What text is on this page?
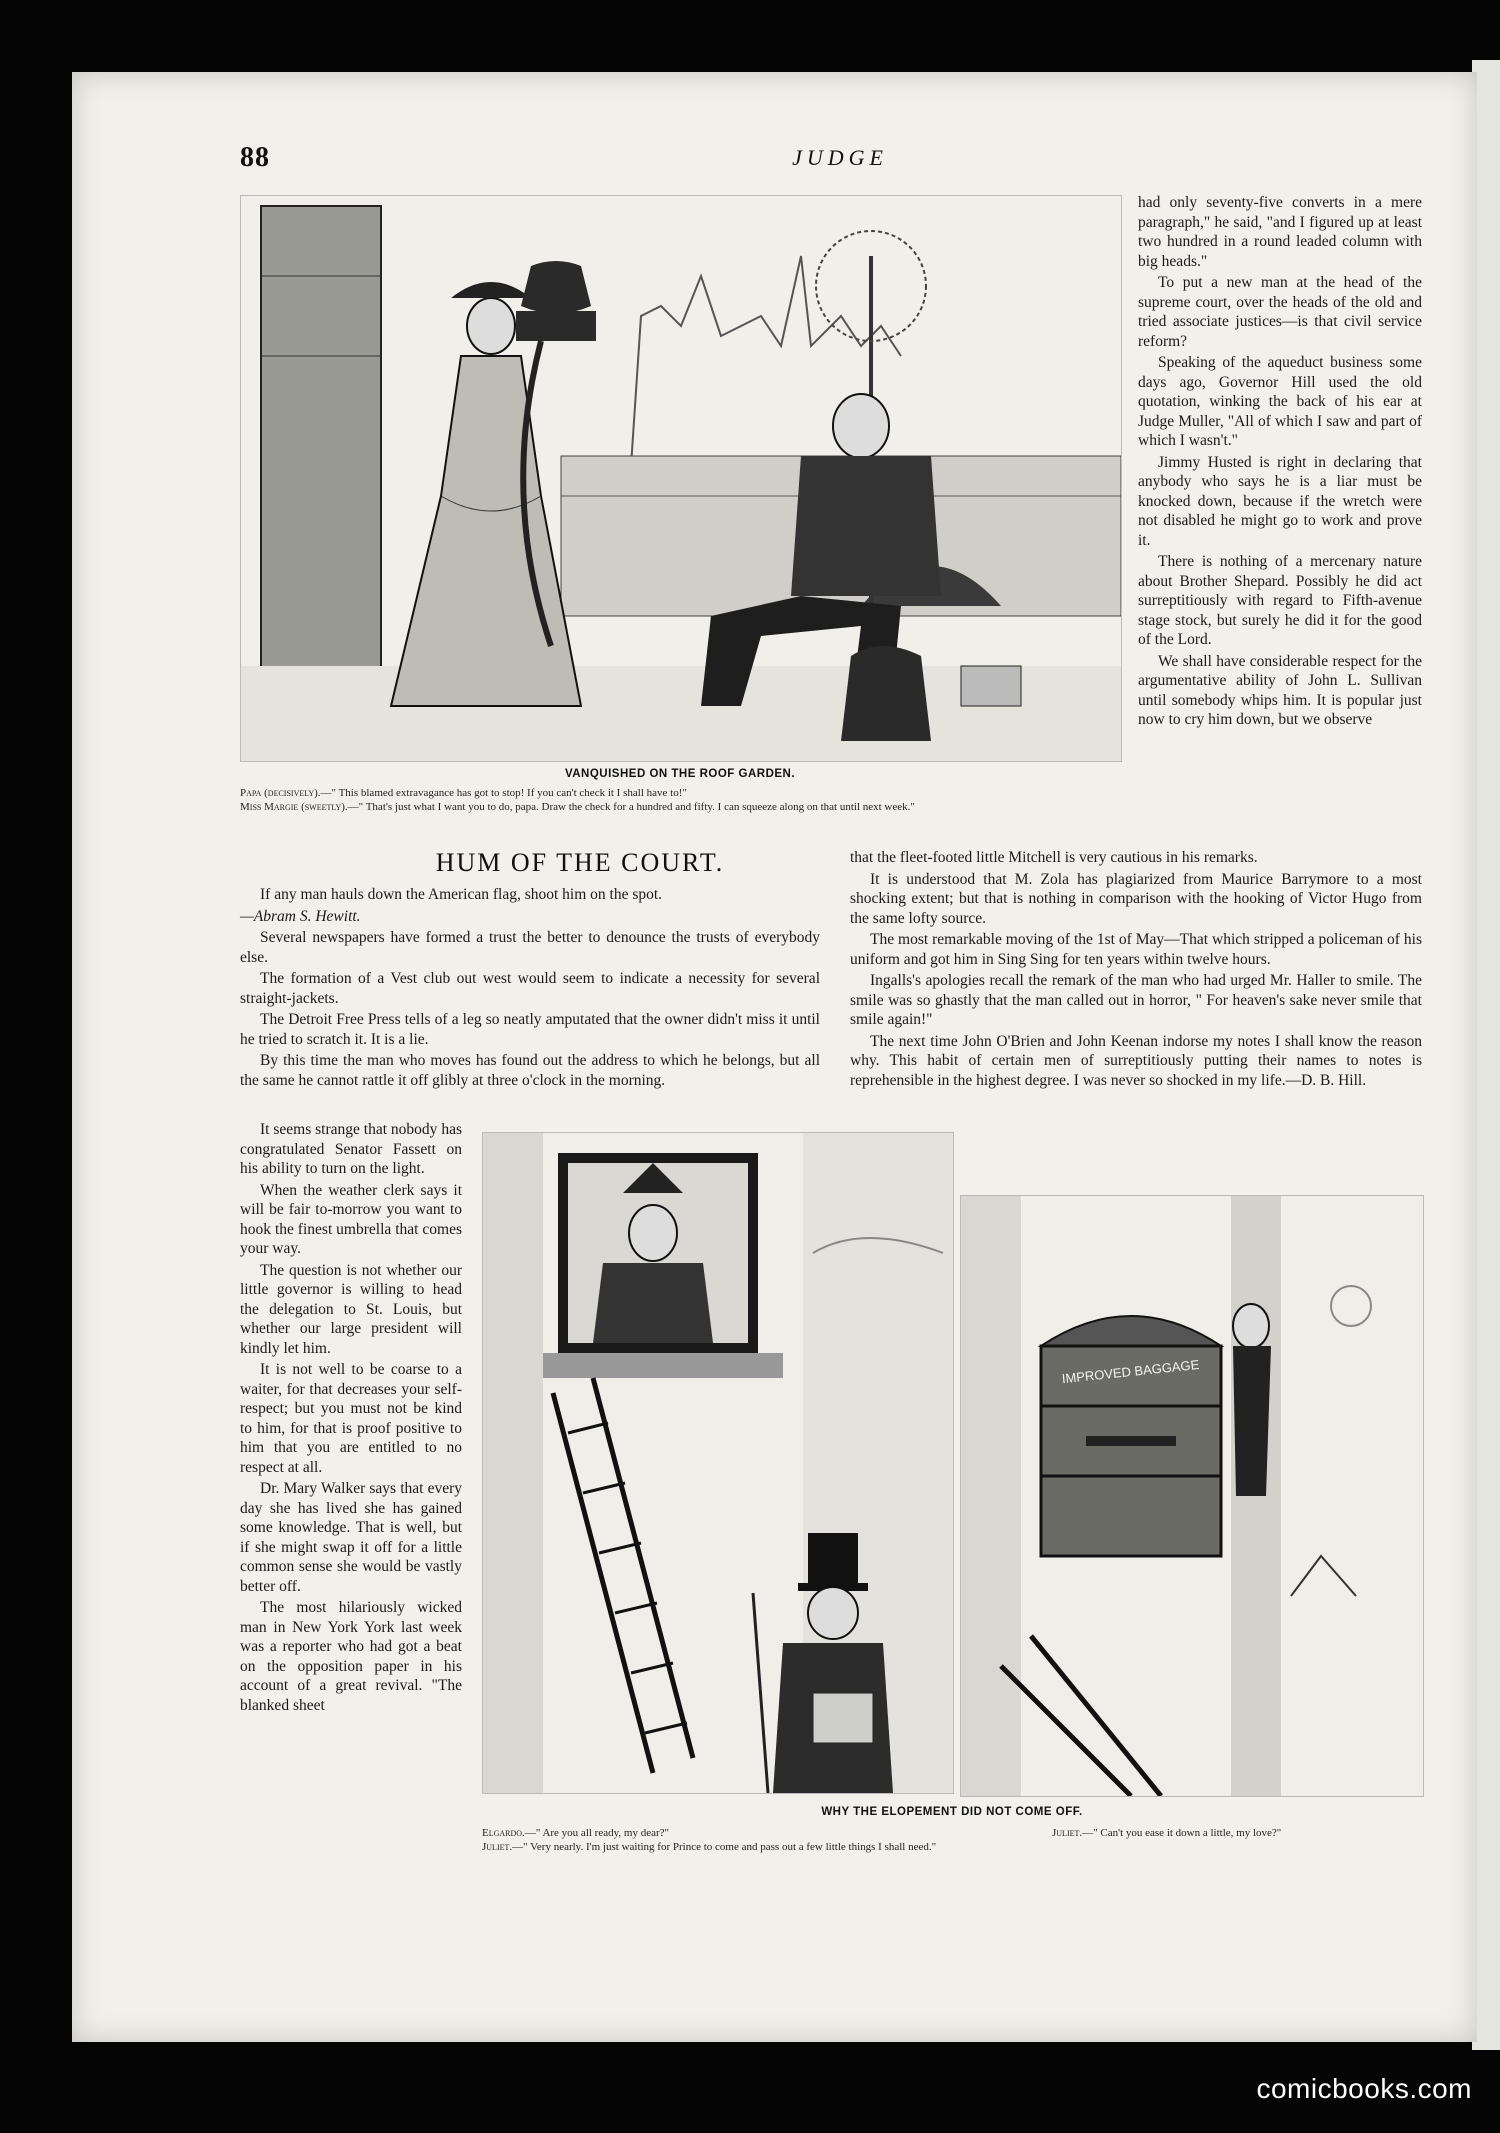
88	JUDGE
VANQUISHED ON THE ROOF GARDEN.
Papa (decisively).—" This blamed extravagance has got to stop! If you can't check it I shall have to!"
Miss Margie (sweetly).—" That's just what I want you to do, papa. Draw the check for a hundred and fifty. I can squeeze along on that until next week."

had only seventy-five converts in a mere paragraph," he said, "and I figured up at least two hundred in a round leaded column with big heads."

To put a new man at the head of the supreme court, over the heads of the old and tried associate justices—is that civil service reform?

Speaking of the aqueduct business some days ago, Governor Hill used the old quotation, winking the back of his ear at Judge Muller, "All of which I saw and part of which I wasn't."

Jimmy Husted is right in declaring that anybody who says he is a liar must be knocked down, because if the wretch were not disabled he might go to work and prove it.

There is nothing of a mercenary nature about Brother Shepard. Possibly he did act surreptitiously with regard to Fifth-avenue stage stock, but surely he did it for the good of the Lord.

We shall have considerable respect for the argumentative ability of John L. Sullivan until somebody whips him. It is popular just now to cry him down, but we observe

HUM OF THE COURT.

If any man hauls down the American flag, shoot him on the spot.

—Abram S. Hewitt.

Several newspapers have formed a trust the better to denounce the trusts of everybody else.

The formation of a Vest club out west would seem to indicate a necessity for several straight-jackets.

The Detroit Free Press tells of a leg so neatly amputated that the owner didn't miss it until he tried to scratch it. It is a lie.

By this time the man who moves has found out the address to which he belongs, but all the same he cannot rattle it off glibly at three o'clock in the morning.

that the fleet-footed little Mitchell is very cautious in his remarks.

It is understood that M. Zola has plagiarized from Maurice Barrymore to a most shocking extent; but that is nothing in comparison with the hooking of Victor Hugo from the same lofty source.

The most remarkable moving of the 1st of May—That which stripped a policeman of his uniform and got him in Sing Sing for ten years within twelve hours.

Ingalls's apologies recall the remark of the man who had urged Mr. Haller to smile. The smile was so ghastly that the man called out in horror, " For heaven's sake never smile that smile again!"

The next time John O'Brien and John Keenan indorse my notes I shall know the reason why. This habit of certain men of surreptitiously putting their names to notes is reprehensible in the highest degree. I was never so shocked in my life.—D. B. Hill.

It seems strange that nobody has congratulated Senator Fassett on his ability to turn on the light.

When the weather clerk says it will be fair to-morrow you want to hook the finest umbrella that comes your way.

The question is not whether our little governor is willing to head the delegation to St. Louis, but whether our large president will kindly let him.

It is not well to be coarse to a waiter, for that decreases your self-respect; but you must not be kind to him, for that is proof positive to him that you are entitled to no respect at all.

Dr. Mary Walker says that every day she has lived she has gained some knowledge. That is well, but if she might swap it off for a little common sense she would be vastly better off.

The most hilariously wicked man in New York York last week was a reporter who had got a beat on the opposition paper in his account of a great revival. "The blanked sheet

IMPROVED BAGGAGE
WHY THE ELOPEMENT DID NOT COME OFF.
Elgardo.—" Are you all ready, my dear?"
Juliet.—" Very nearly. I'm just waiting for Prince to come and pass out a few little things I shall need."
Juliet.—" Can't you ease it down a little, my love?"
comicbooks.com
